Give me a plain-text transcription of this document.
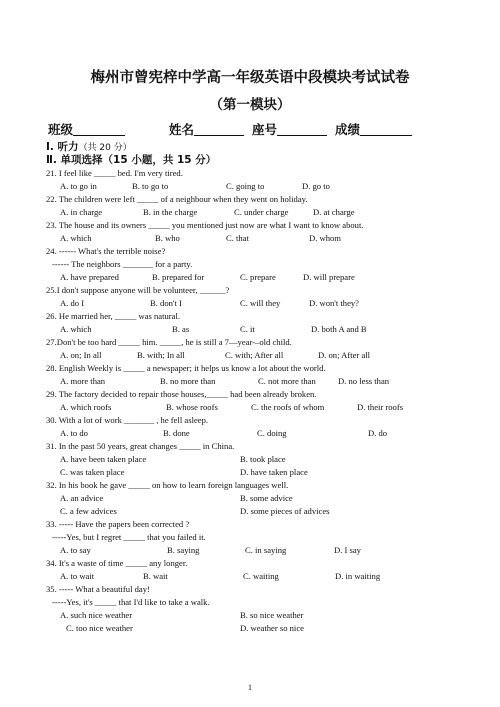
梅州市曾宪梓中学高一年级英语中段模块考试试卷
（第一模块）
班级	姓名	座号	成绩
Ⅰ. 听力（共 20 分）
Ⅱ. 单项选择（15 小题，共 15 分）
21. I feel like _____ bed. I'm very tired.
A. to go in	B. to go to	C. going to	D. go to
22. The children were left _____ of a neighbour when they went on holiday.
A. in charge	B. in the charge	C. under charge	D. at charge
23. The house and its owners _____ you mentioned just now are what I want to know about.
A. which	B. who	C. that	D. whom
24. ------ What's the terrible noise?
------ The neighbors _______ for a party.
A. have prepared	B. prepared for	C. prepare	D. will prepare
25.I don't suppose anyone will be volunteer, ______?
A. do I	B. don't I	C. will they	D. won't they?
26. He married her, _____ was natural.
A. which	B. as	C. it	D. both A and B
27.Don't be too hard _____ him. _____, he is still a 7—year-–old child.
A. on; In all	B. with; In all	C. with; After all	D. on; After all
28. English Weekly is _____ a newspaper; it helps us know a lot about the world.
A. more than	B. no more than	C. not more than	D. no less than
29. The factory decided to repair those houses,_____ had been already broken.
A. which roofs	B. whose roofs	C. the roofs of whom	D. their roofs
30. With a lot of work _______ , he fell asleep.
A. to do	B. done	C. doing	D. do
31. In the past 50 years, great changes _____ in China.
A. have been taken place	B. took place
C. was taken place	D. have taken place
32. In his book he gave _____ on how to learn foreign languages well.
A. an advice	B. some advice
C. a few advices	D. some pieces of advices
33. ----- Have the papers been corrected ?
-----Yes, but I regret _____ that you failed it.
A. to say	B. saying	C. in saying	D. I say
34. It's a waste of time _____ any longer.
A. to wait	B. wait	C. waiting	D. in waiting
35. ----- What a beautiful day!
-----Yes, it's _____ that I'd like to take a walk.
A. such nice weather	B. so nice weather
C. too nice weather	D. weather so nice
1
